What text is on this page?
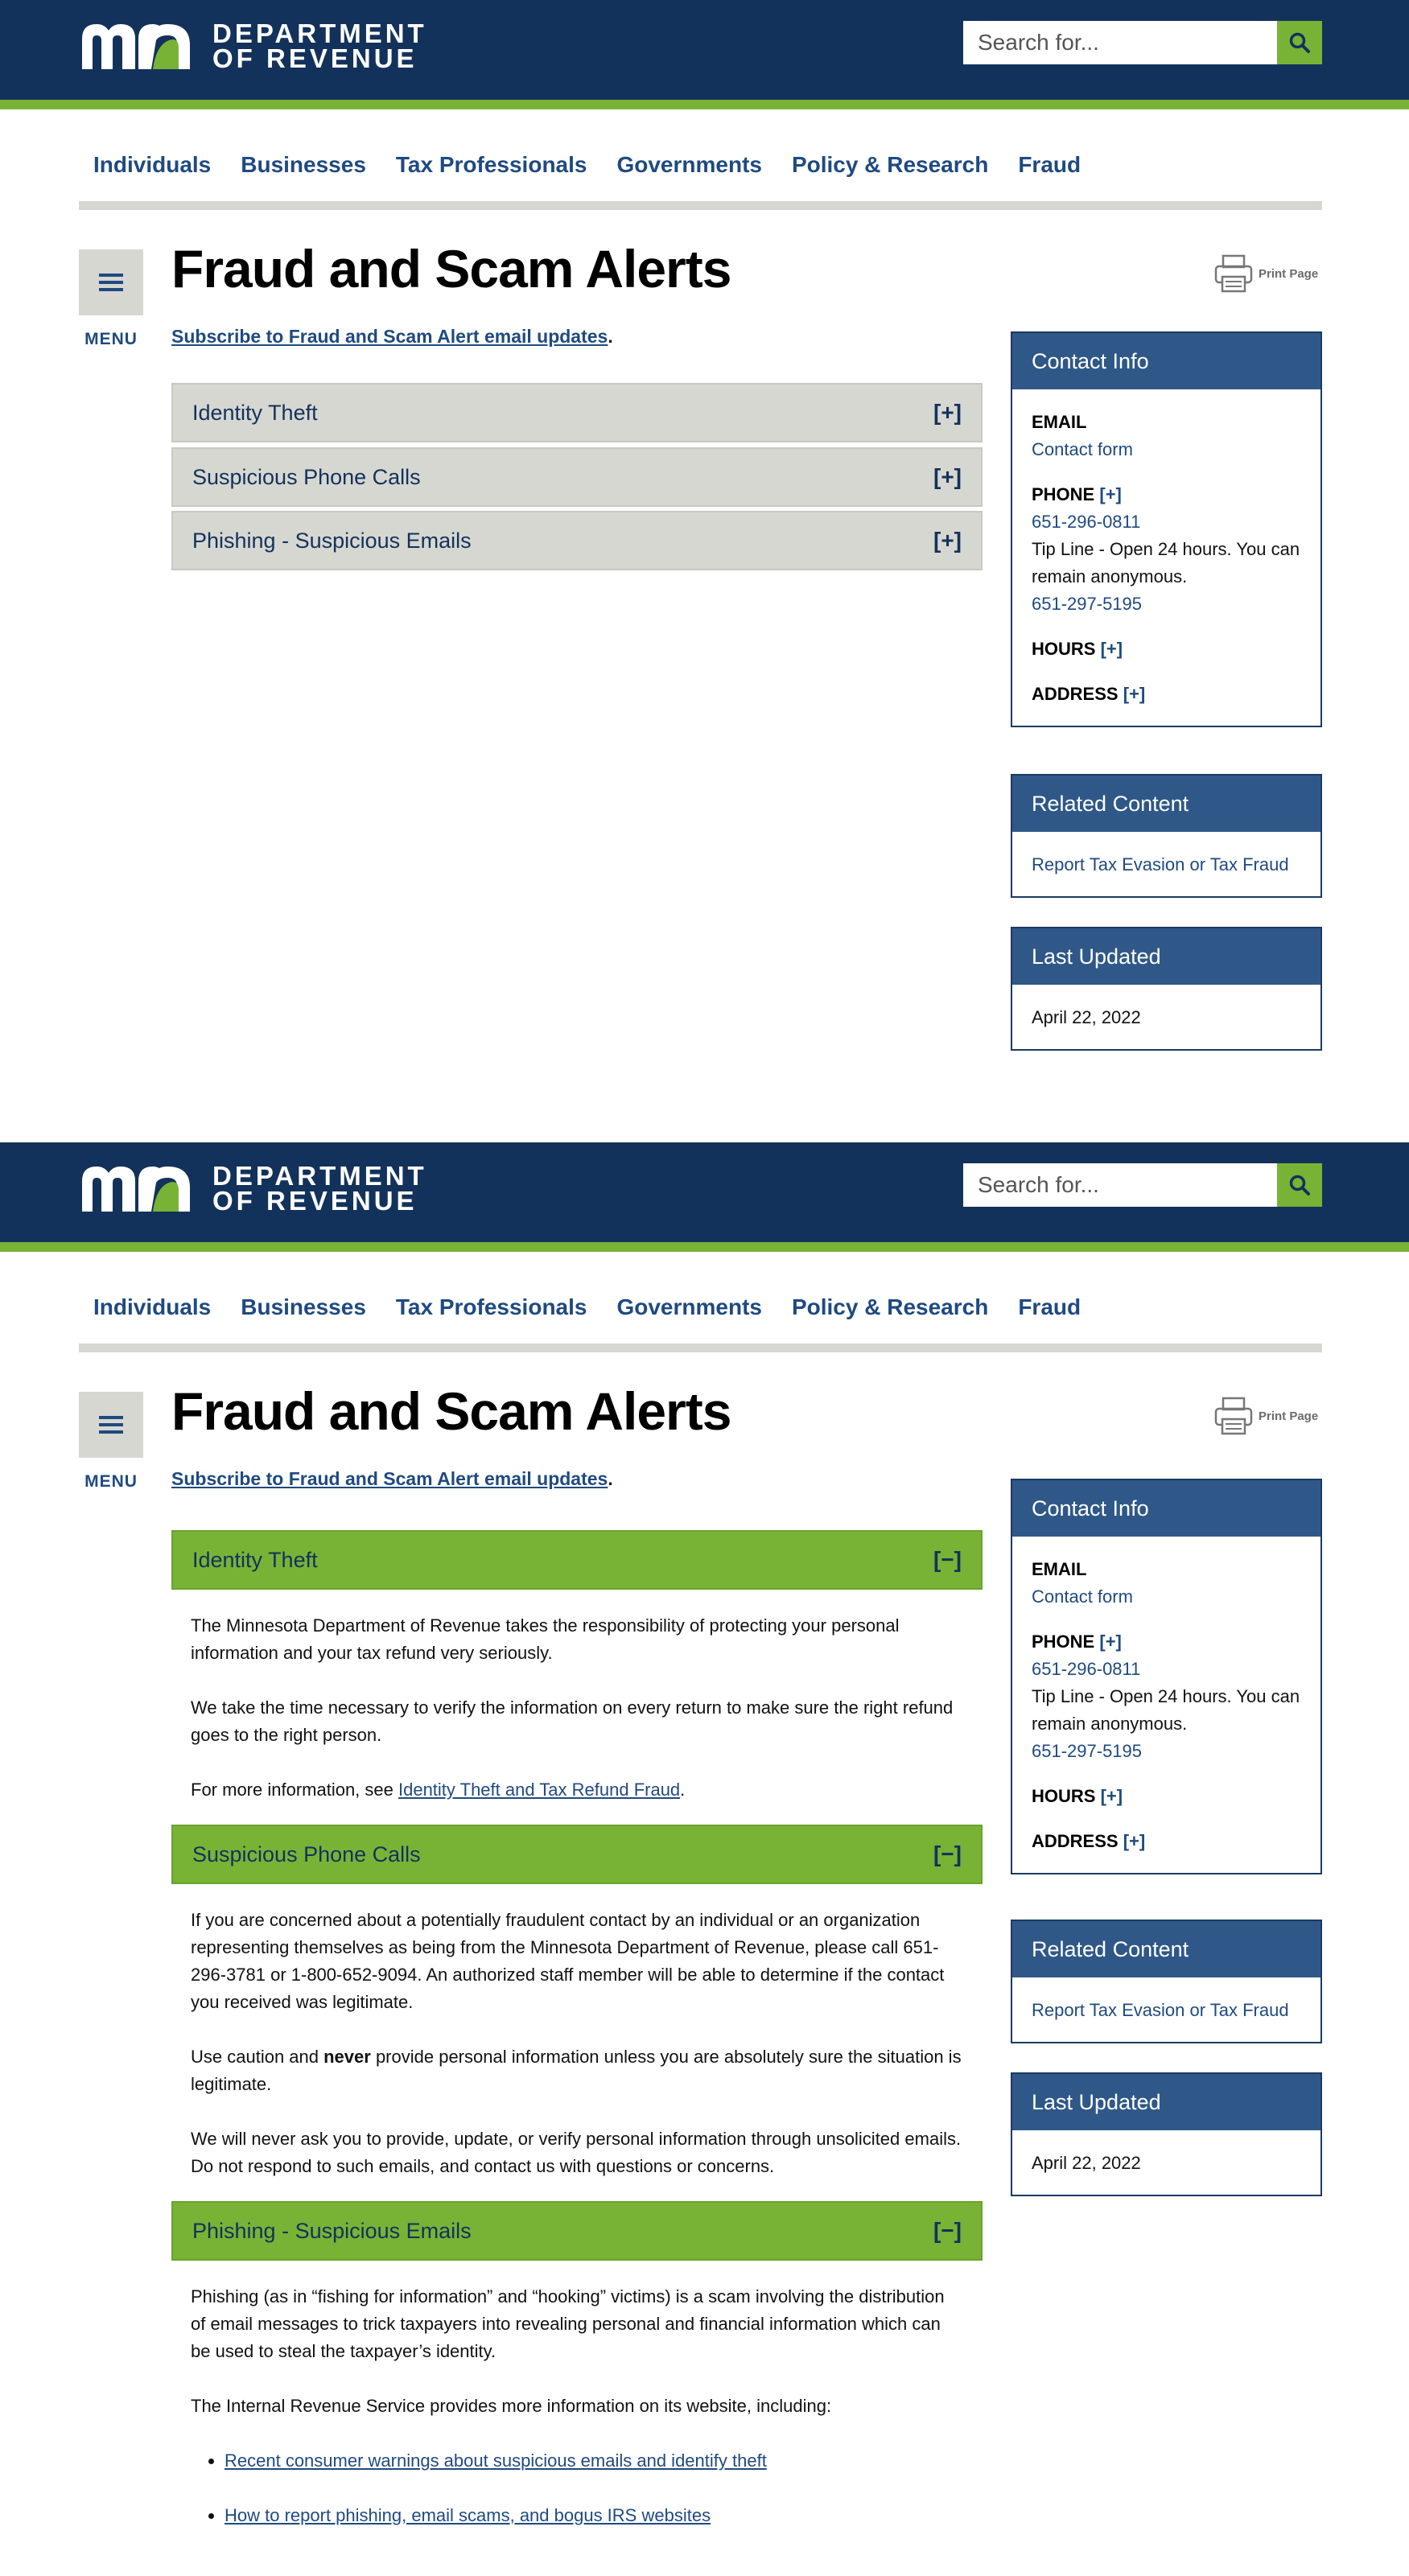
DEPARTMENT
OF REVENUE
Search for...
Individuals Businesses Tax Professionals Governments Policy & Research Fraud
MENU
Fraud and Scam Alerts	Print Page
Subscribe to Fraud and Scam Alert email updates.
Identity Theft	[+]
Suspicious Phone Calls	[+]
Phishing - Suspicious Emails	[+]
Contact Info
EMAIL
Contact form
PHONE [+]
651-296-0811
Tip Line - Open 24 hours. You can remain anonymous.
651-297-5195
HOURS [+]
ADDRESS [+]
Related Content
Report Tax Evasion or Tax Fraud
Last Updated
April 22, 2022
DEPARTMENT
OF REVENUE
Search for...
Individuals Businesses Tax Professionals Governments Policy & Research Fraud
MENU
Fraud and Scam Alerts	Print Page
Subscribe to Fraud and Scam Alert email updates.
Identity Theft	[−]

The Minnesota Department of Revenue takes the responsibility of protecting your personal information and your tax refund very seriously.

We take the time necessary to verify the information on every return to make sure the right refund goes to the right person.

For more information, see Identity Theft and Tax Refund Fraud.

Suspicious Phone Calls	[−]

If you are concerned about a potentially fraudulent contact by an individual or an organization representing themselves as being from the Minnesota Department of Revenue, please call 651-296-3781 or 1-800-652-9094. An authorized staff member will be able to determine if the contact you received was legitimate.

Use caution and never provide personal information unless you are absolutely sure the situation is legitimate.

We will never ask you to provide, update, or verify personal information through unsolicited emails. Do not respond to such emails, and contact us with questions or concerns.

Phishing - Suspicious Emails	[−]

Phishing (as in “fishing for information” and “hooking” victims) is a scam involving the distribution of email messages to trick taxpayers into revealing personal and financial information which can be used to steal the taxpayer’s identity.

The Internal Revenue Service provides more information on its website, including:

• Recent consumer warnings about suspicious emails and identify theft
• How to report phishing, email scams, and bogus IRS websites
Contact Info
EMAIL
Contact form
PHONE [+]
651-296-0811
Tip Line - Open 24 hours. You can remain anonymous.
651-297-5195
HOURS [+]
ADDRESS [+]
Related Content
Report Tax Evasion or Tax Fraud
Last Updated
April 22, 2022
